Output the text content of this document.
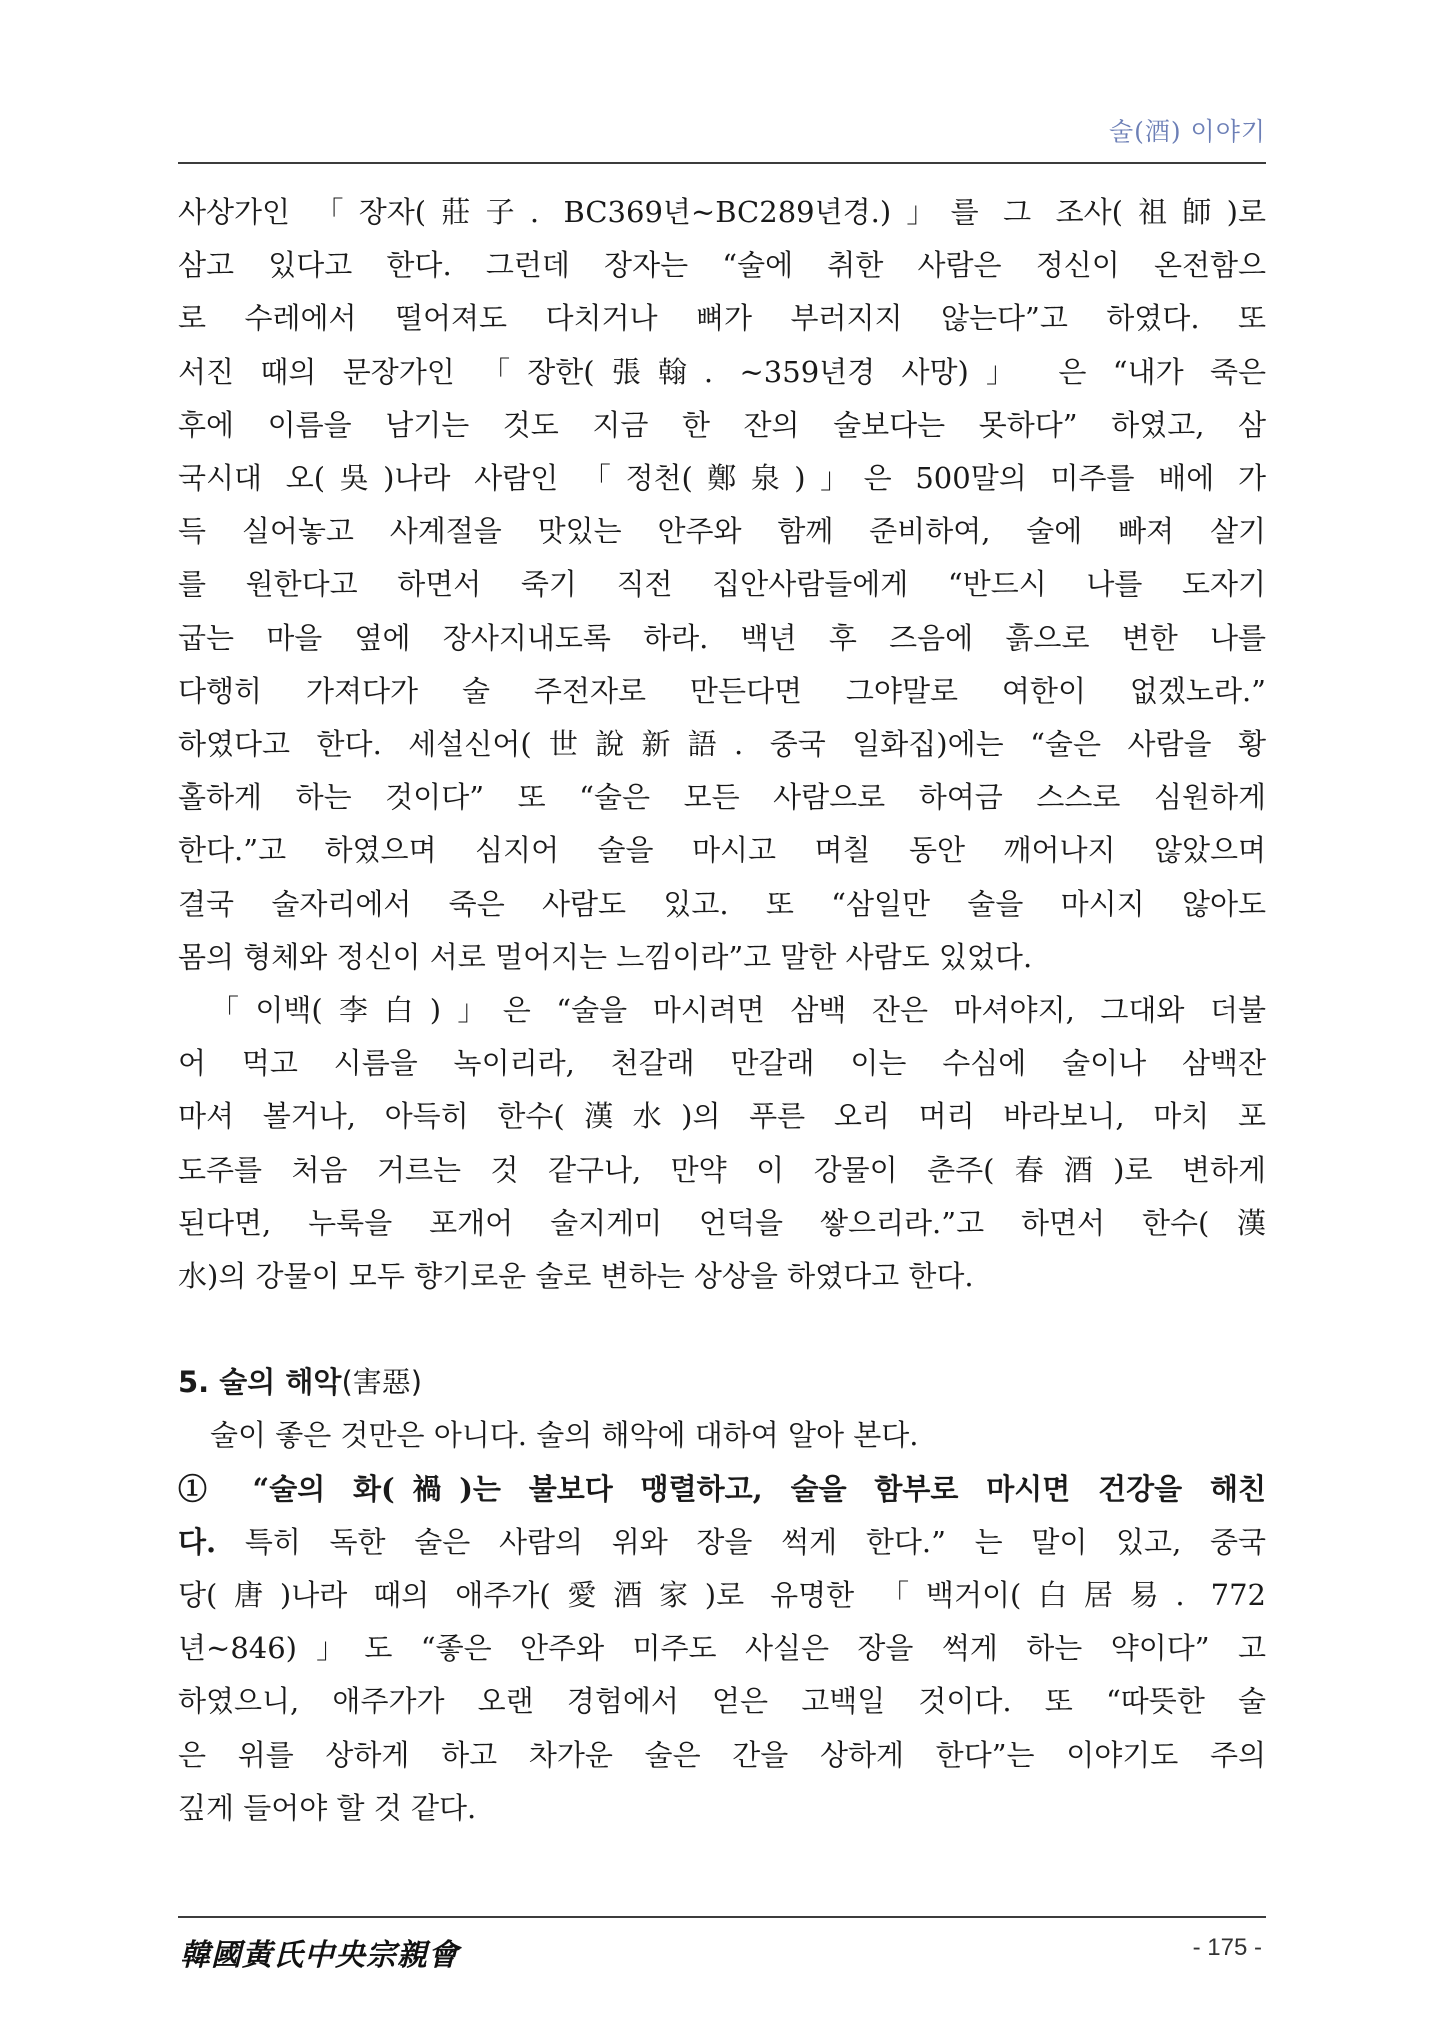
술(酒) 이야기
사상가인 「장자(莊子. BC369년~BC289년경.)」를 그 조사(祖師)로
삼고 있다고 한다. 그런데 장자는 “술에 취한 사람은 정신이 온전함으
로 수레에서 떨어져도 다치거나 뼈가 부러지지 않는다”고 하였다. 또
서진 때의 문장가인 「장한(張翰. ~359년경 사망)」 은 “내가 죽은
후에 이름을 남기는 것도 지금 한 잔의 술보다는 못하다” 하였고, 삼
국시대 오(吳)나라 사람인 「정천(鄭泉)」은 500말의 미주를 배에 가
득 실어놓고 사계절을 맛있는 안주와 함께 준비하여, 술에 빠져 살기
를 원한다고 하면서 죽기 직전 집안사람들에게 “반드시 나를 도자기
굽는 마을 옆에 장사지내도록 하라. 백년 후 즈음에 흙으로 변한 나를
다행히 가져다가 술 주전자로 만든다면 그야말로 여한이 없겠노라.”
하였다고 한다. 세설신어(世說新語. 중국 일화집)에는 “술은 사람을 황
홀하게 하는 것이다” 또 “술은 모든 사람으로 하여금 스스로 심원하게
한다.”고 하였으며 심지어 술을 마시고 며칠 동안 깨어나지 않았으며
결국 술자리에서 죽은 사람도 있고. 또 “삼일만 술을 마시지 않아도
몸의 형체와 정신이 서로 멀어지는 느낌이라”고 말한 사람도 있었다.
「이백(李白)」은 “술을 마시려면 삼백 잔은 마셔야지, 그대와 더불
어 먹고 시름을 녹이리라, 천갈래 만갈래 이는 수심에 술이나 삼백잔
마셔 볼거나, 아득히 한수(漢水)의 푸른 오리 머리 바라보니, 마치 포
도주를 처음 거르는 것 같구나, 만약 이 강물이 춘주(春酒)로 변하게
된다면, 누룩을 포개어 술지게미 언덕을 쌓으리라.”고 하면서 한수(漢
水)의 강물이 모두 향기로운 술로 변하는 상상을 하였다고 한다.
5. 술의 해악(害惡)
술이 좋은 것만은 아니다. 술의 해악에 대하여 알아 본다.
① “술의 화(禍)는 불보다 맹렬하고, 술을 함부로 마시면 건강을 해친
다. 특히 독한 술은 사람의 위와 장을 썩게 한다.” 는 말이 있고, 중국
당(唐)나라 때의 애주가(愛酒家)로 유명한 「백거이(白居易. 772
년~846)」도 “좋은 안주와 미주도 사실은 장을 썩게 하는 약이다” 고
하였으니, 애주가가 오랜 경험에서 얻은 고백일 것이다. 또 “따뜻한 술
은 위를 상하게 하고 차가운 술은 간을 상하게 한다”는 이야기도 주의
깊게 들어야 할 것 같다.
韓國黃氏中央宗親會	- 175 -
